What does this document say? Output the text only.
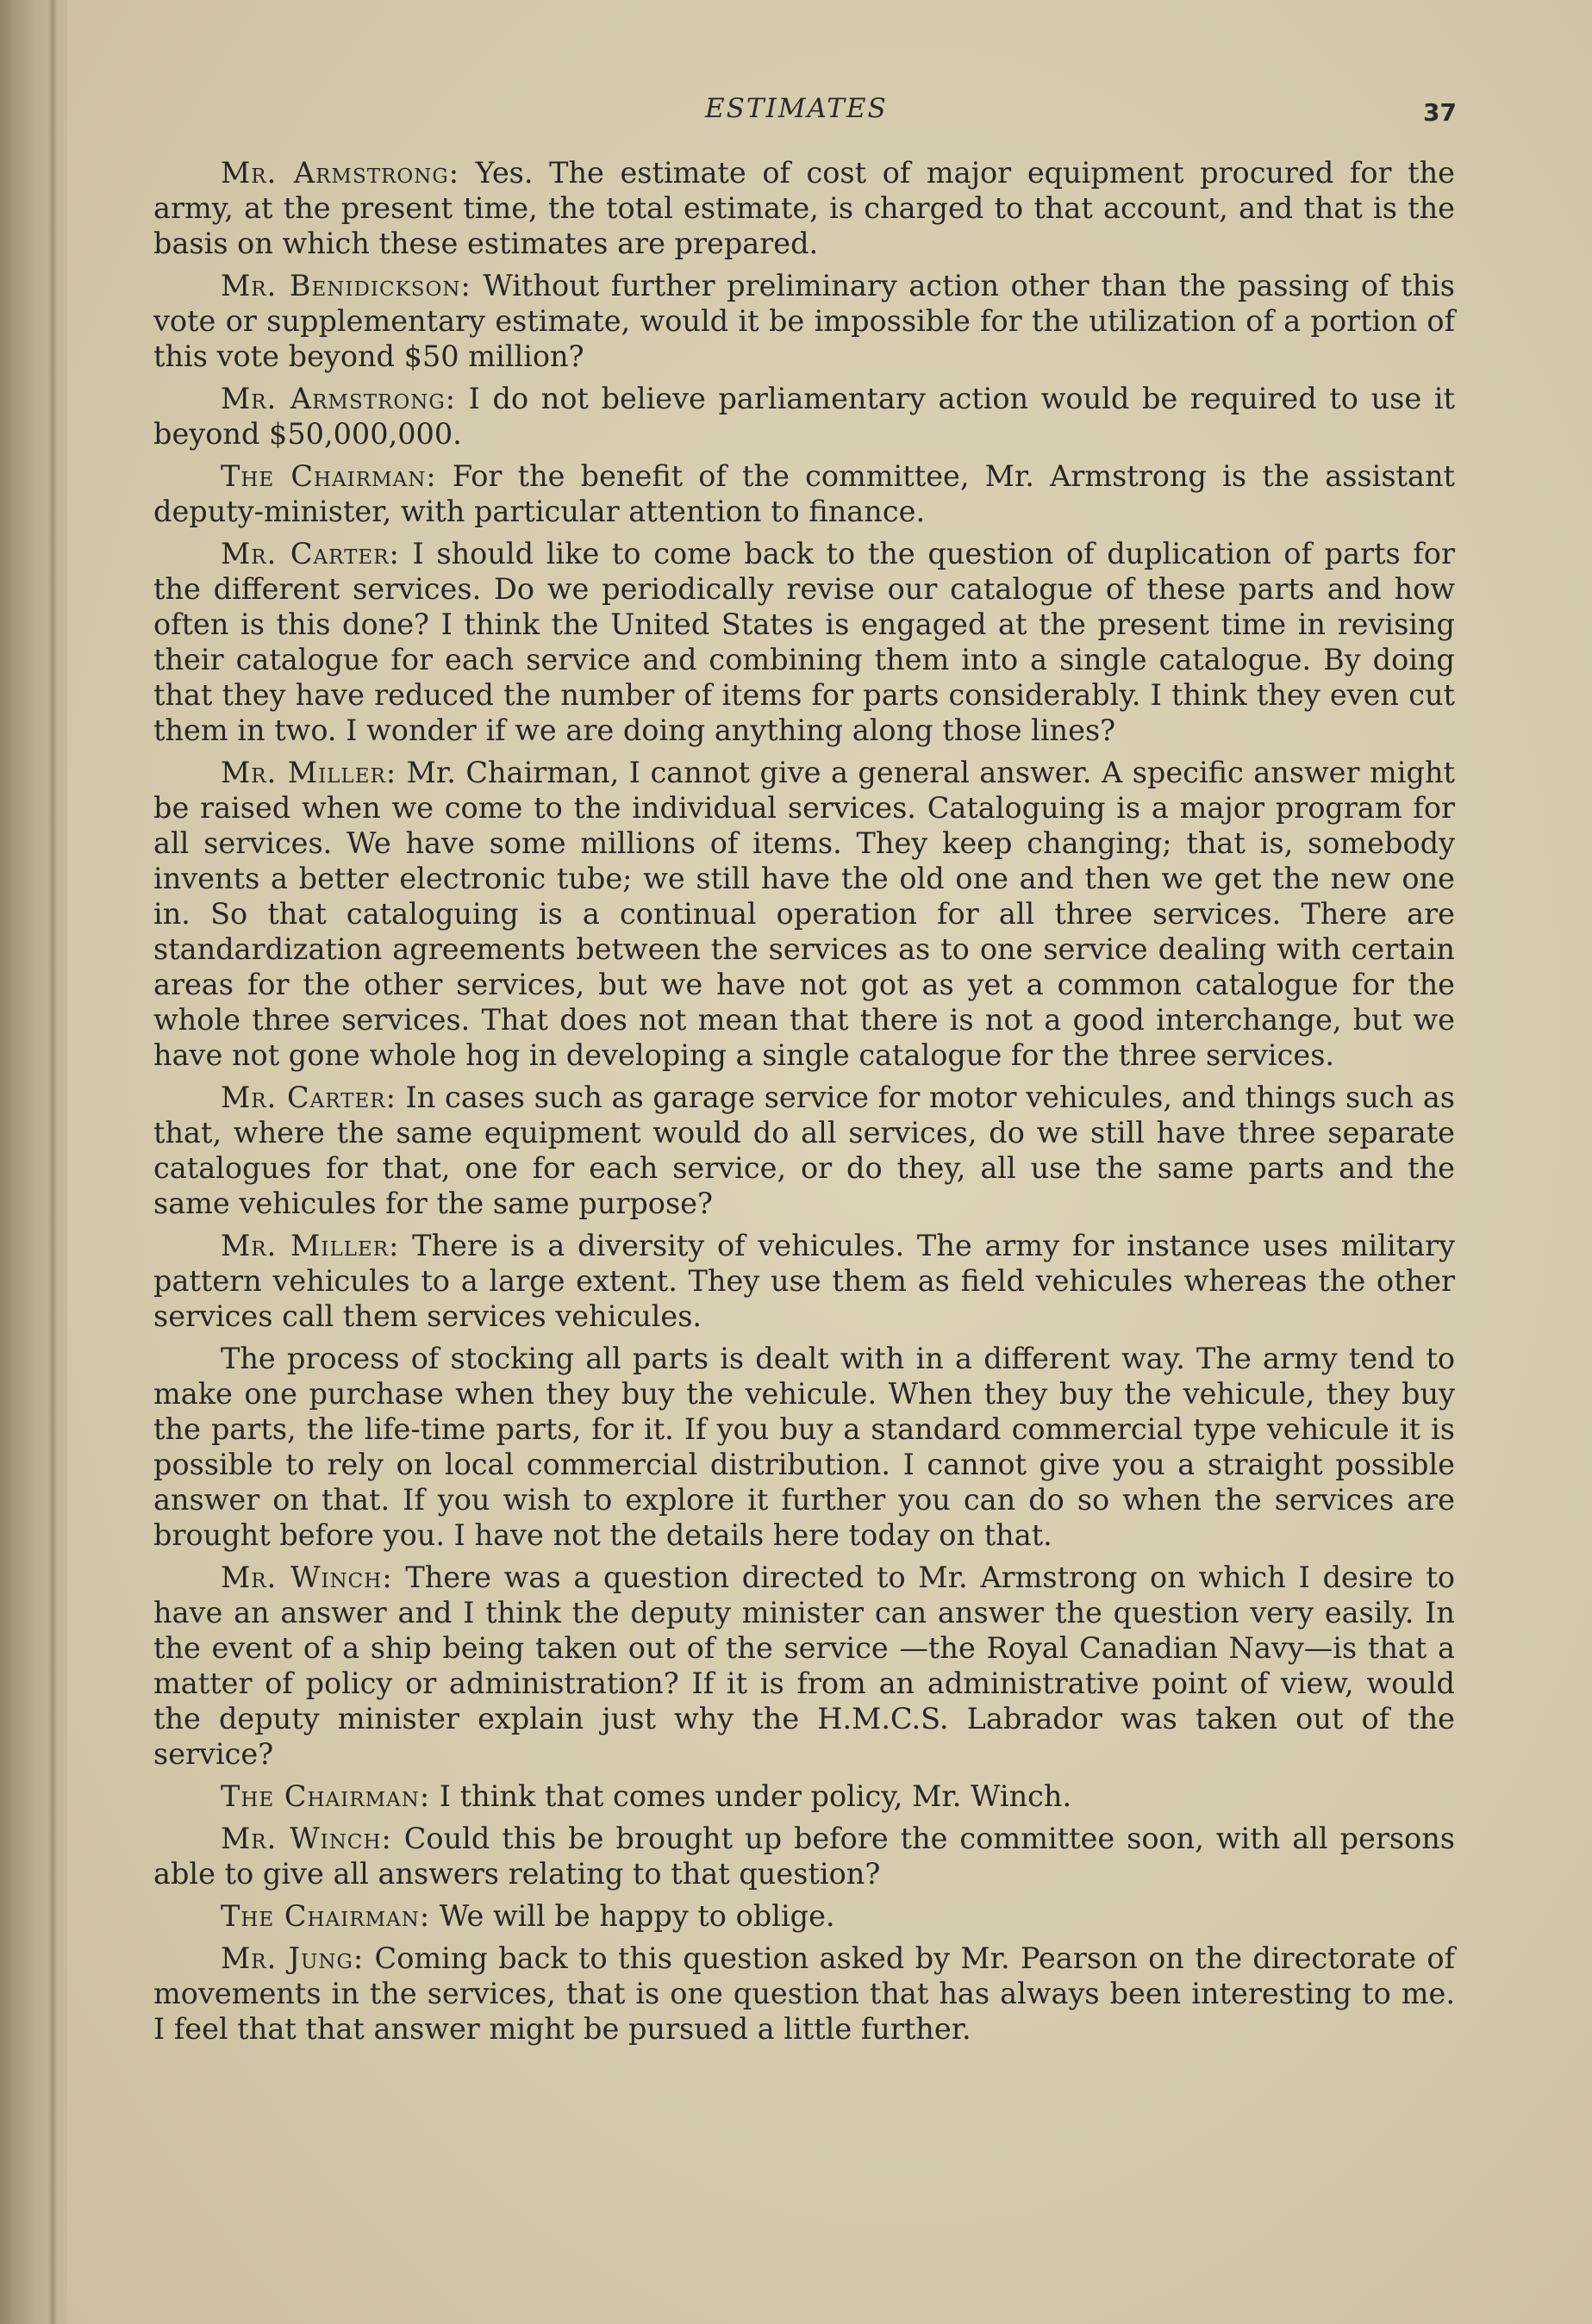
ESTIMATES	37

Mr. Armstrong: Yes. The estimate of cost of major equipment procured for the army, at the present time, the total estimate, is charged to that account, and that is the basis on which these estimates are prepared.

Mr. Benidickson: Without further preliminary action other than the passing of this vote or supplementary estimate, would it be impossible for the utilization of a portion of this vote beyond $50 million?

Mr. Armstrong: I do not believe parliamentary action would be required to use it beyond $50,000,000.

The Chairman: For the benefit of the committee, Mr. Armstrong is the assistant deputy-minister, with particular attention to finance.

Mr. Carter: I should like to come back to the question of duplication of parts for the different services. Do we periodically revise our catalogue of these parts and how often is this done? I think the United States is engaged at the present time in revising their catalogue for each service and combining them into a single catalogue. By doing that they have reduced the number of items for parts considerably. I think they even cut them in two. I wonder if we are doing anything along those lines?

Mr. Miller: Mr. Chairman, I cannot give a general answer. A specific answer might be raised when we come to the individual services. Cataloguing is a major program for all services. We have some millions of items. They keep changing; that is, somebody invents a better electronic tube; we still have the old one and then we get the new one in. So that cataloguing is a continual operation for all three services. There are standardization agreements between the services as to one service dealing with certain areas for the other services, but we have not got as yet a common catalogue for the whole three services. That does not mean that there is not a good interchange, but we have not gone whole hog in developing a single catalogue for the three services.

Mr. Carter: In cases such as garage service for motor vehicules, and things such as that, where the same equipment would do all services, do we still have three separate catalogues for that, one for each service, or do they, all use the same parts and the same vehicules for the same purpose?

Mr. Miller: There is a diversity of vehicules. The army for instance uses military pattern vehicules to a large extent. They use them as field vehicules whereas the other services call them services vehicules.

The process of stocking all parts is dealt with in a different way. The army tend to make one purchase when they buy the vehicule. When they buy the vehicule, they buy the parts, the life-time parts, for it. If you buy a standard commercial type vehicule it is possible to rely on local commercial distribution. I cannot give you a straight possible answer on that. If you wish to explore it further you can do so when the services are brought before you. I have not the details here today on that.

Mr. Winch: There was a question directed to Mr. Armstrong on which I desire to have an answer and I think the deputy minister can answer the question very easily. In the event of a ship being taken out of the service —the Royal Canadian Navy—is that a matter of policy or administration? If it is from an administrative point of view, would the deputy minister explain just why the H.M.C.S. Labrador was taken out of the service?

The Chairman: I think that comes under policy, Mr. Winch.

Mr. Winch: Could this be brought up before the committee soon, with all persons able to give all answers relating to that question?

The Chairman: We will be happy to oblige.

Mr. Jung: Coming back to this question asked by Mr. Pearson on the directorate of movements in the services, that is one question that has always been interesting to me. I feel that that answer might be pursued a little further.
